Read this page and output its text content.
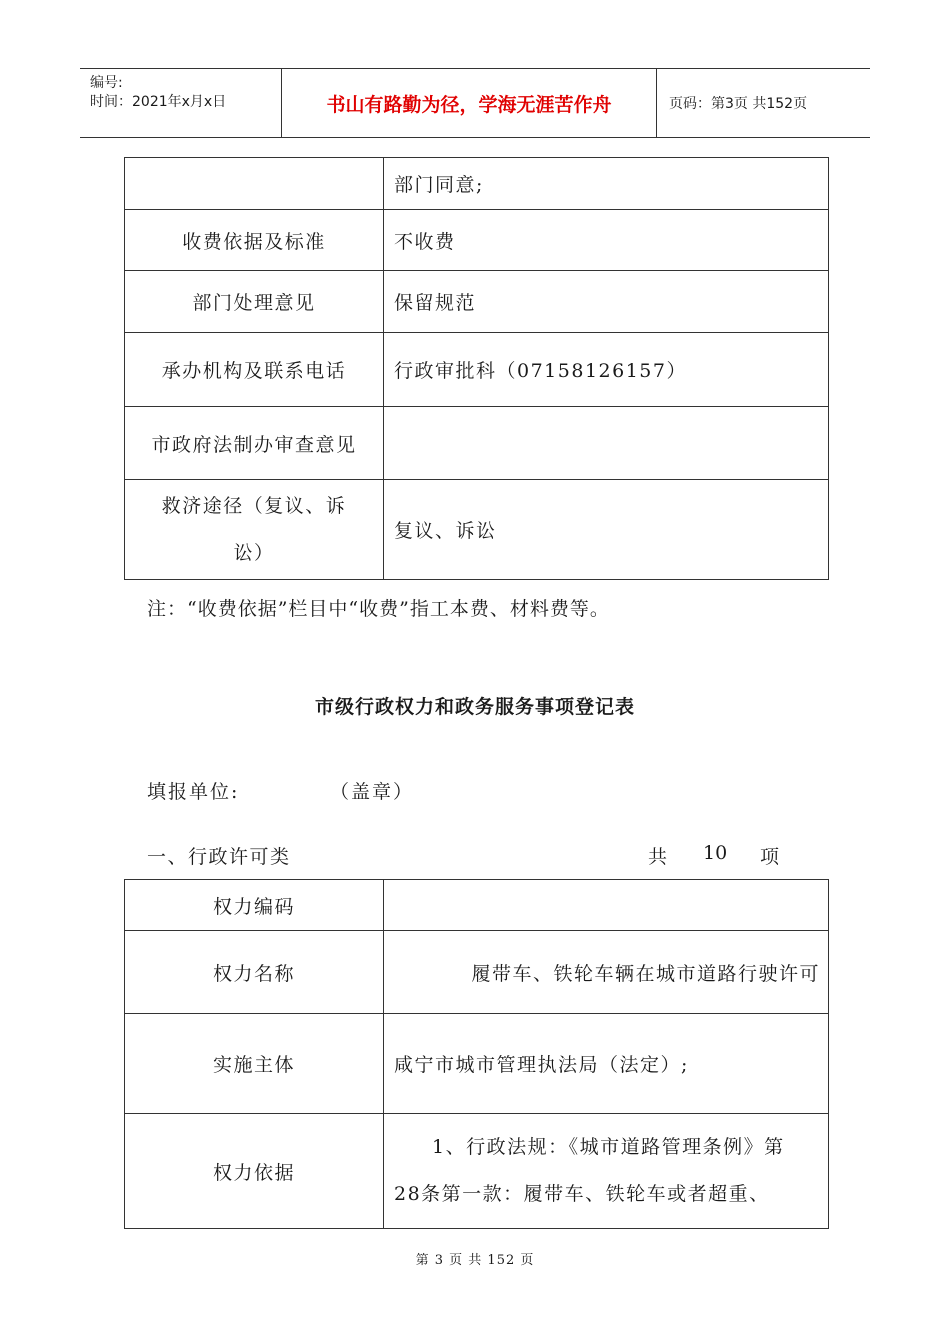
编号:
时间：2021年x月x日	书山有路勤为径，学海无涯苦作舟	页码：第3页 共152页
	部门同意;
收费依据及标准	不收费
部门处理意见	保留规范
承办机构及联系电话	行政审批科（07158126157）
市政府法制办审查意见	

救济途径（复议、诉
讼）	复议、诉讼
注：“收费依据”栏目中“收费”指工本费、材料费等。
市级行政权力和政务服务事项登记表
填报单位:	（盖章）
一、行政许可类	共 10 项
权力编码	
权力名称	履带车、铁轮车辆在城市道路行驶许可
实施主体	咸宁市城市管理执法局（法定）;
权力依据	1、行政法规：《城市道路管理条例》第
28条第一款：履带车、铁轮车或者超重、
第 3 页 共 152 页
